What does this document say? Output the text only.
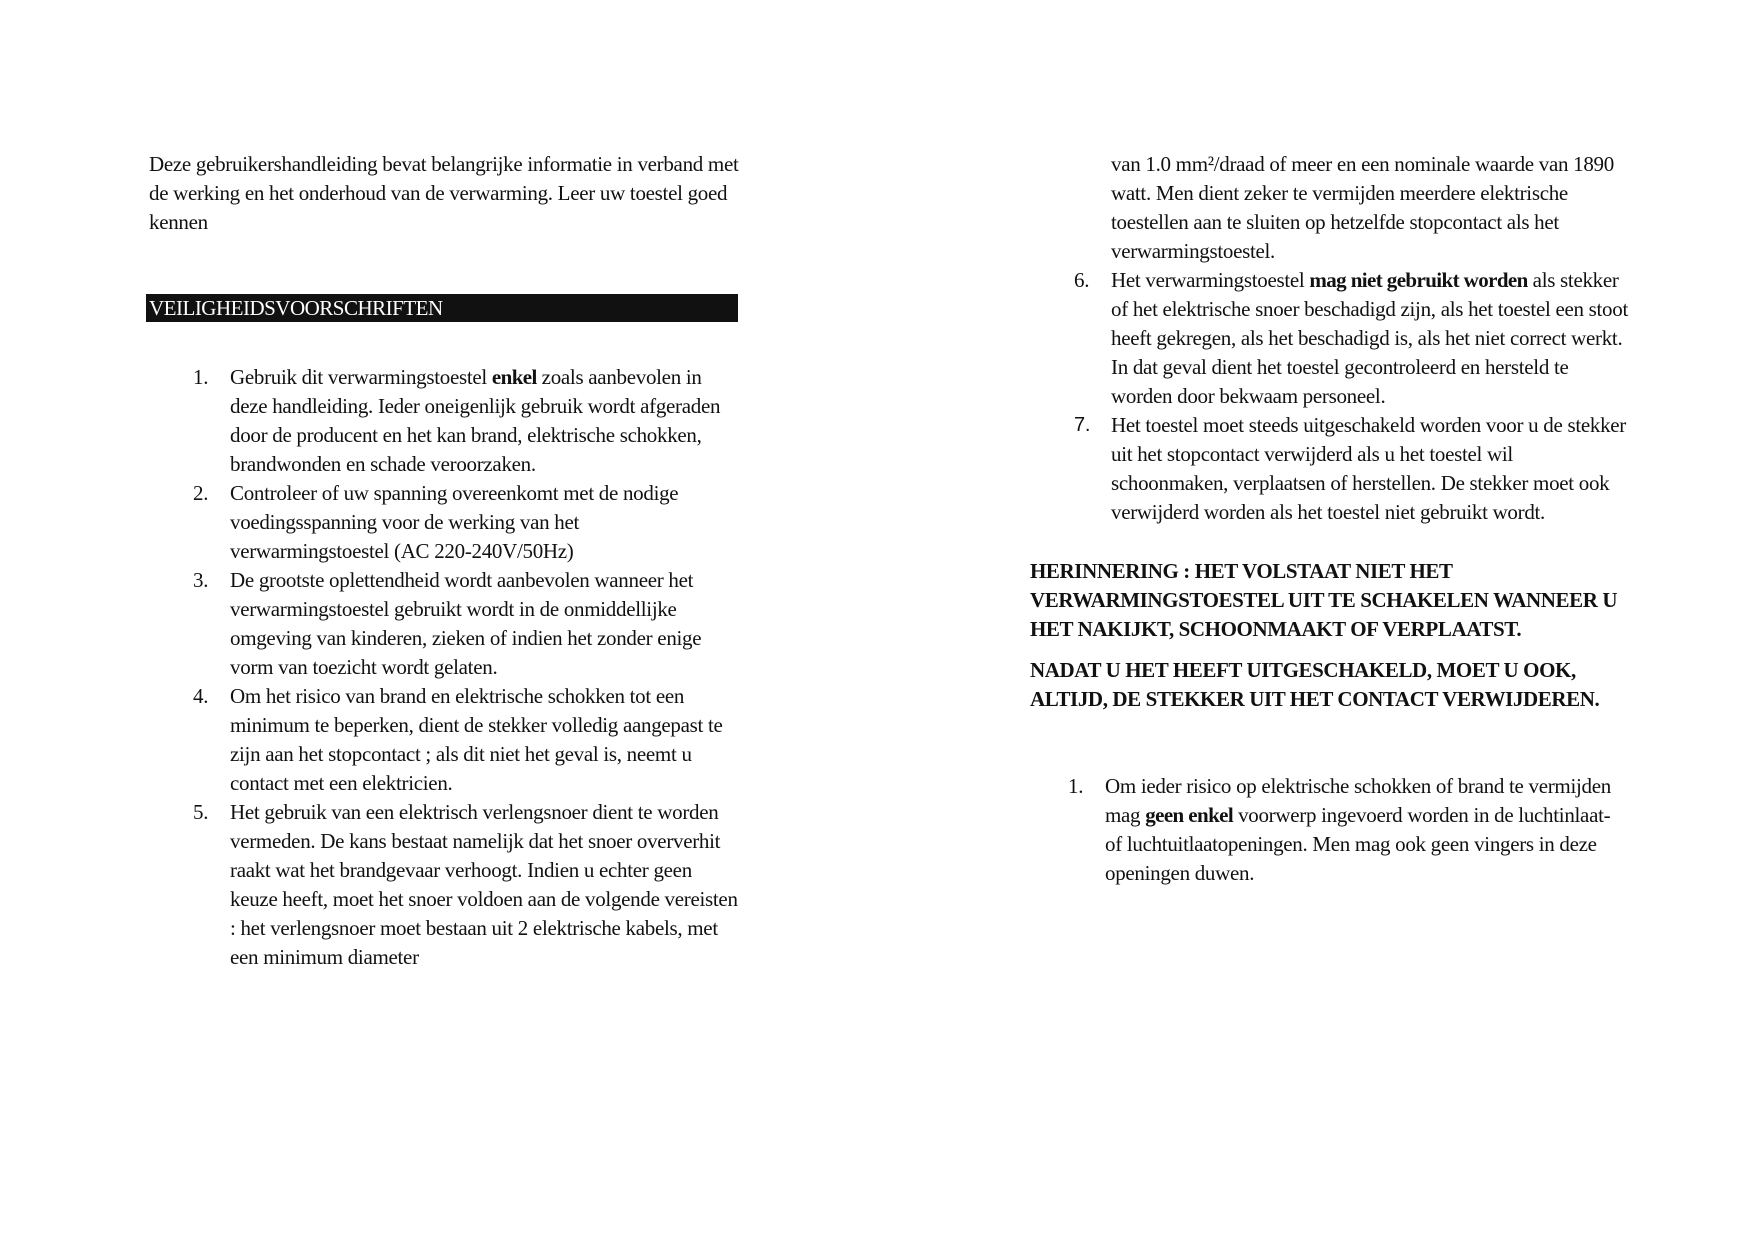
Deze gebruikershandleiding bevat belangrijke informatie in verband met de werking en het onderhoud van de verwarming. Leer uw toestel goed kennen

VEILIGHEIDSVOORSCHRIFTEN
1. Gebruik dit verwarmingstoestel enkel zoals aanbevolen in deze handleiding. Ieder oneigenlijk gebruik wordt afgeraden door de producent en het kan brand, elektrische schokken, brandwonden en schade veroorzaken.
2. Controleer of uw spanning overeenkomt met de nodige voedingsspanning voor de werking van het verwarmingstoestel (AC 220-240V/50Hz)
3. De grootste oplettendheid wordt aanbevolen wanneer het verwarmingstoestel gebruikt wordt in de onmiddellijke omgeving van kinderen, zieken of indien het zonder enige vorm van toezicht wordt gelaten.
4. Om het risico van brand en elektrische schokken tot een minimum te beperken, dient de stekker volledig aangepast te zijn aan het stopcontact ; als dit niet het geval is, neemt u contact met een elektricien.
5. Het gebruik van een elektrisch verlengsnoer dient te worden vermeden. De kans bestaat namelijk dat het snoer oververhit raakt wat het brandgevaar verhoogt. Indien u echter geen keuze heeft, moet het snoer voldoen aan de volgende vereisten : het verlengsnoer moet bestaan uit 2 elektrische kabels, met een minimum diameter
van 1.0 mm²/draad of meer en een nominale waarde van 1890 watt. Men dient zeker te vermijden meerdere elektrische toestellen aan te sluiten op hetzelfde stopcontact als het verwarmingstoestel.
6. Het verwarmingstoestel mag niet gebruikt worden als stekker of het elektrische snoer beschadigd zijn, als het toestel een stoot heeft gekregen, als het beschadigd is, als het niet correct werkt. In dat geval dient het toestel gecontroleerd en hersteld te worden door bekwaam personeel.
7. Het toestel moet steeds uitgeschakeld worden voor u de stekker uit het stopcontact verwijderd als u het toestel wil schoonmaken, verplaatsen of herstellen. De stekker moet ook verwijderd worden als het toestel niet gebruikt wordt.

HERINNERING : HET VOLSTAAT NIET HET VERWARMINGSTOESTEL UIT TE SCHAKELEN WANNEER U HET NAKIJKT, SCHOONMAAKT OF VERPLAATST.

NADAT U HET HEEFT UITGESCHAKELD, MOET U OOK, ALTIJD, DE STEKKER UIT HET CONTACT VERWIJDEREN.

1. Om ieder risico op elektrische schokken of brand te vermijden mag geen enkel voorwerp ingevoerd worden in de luchtinlaat- of luchtuitlaatopeningen. Men mag ook geen vingers in deze openingen duwen.
